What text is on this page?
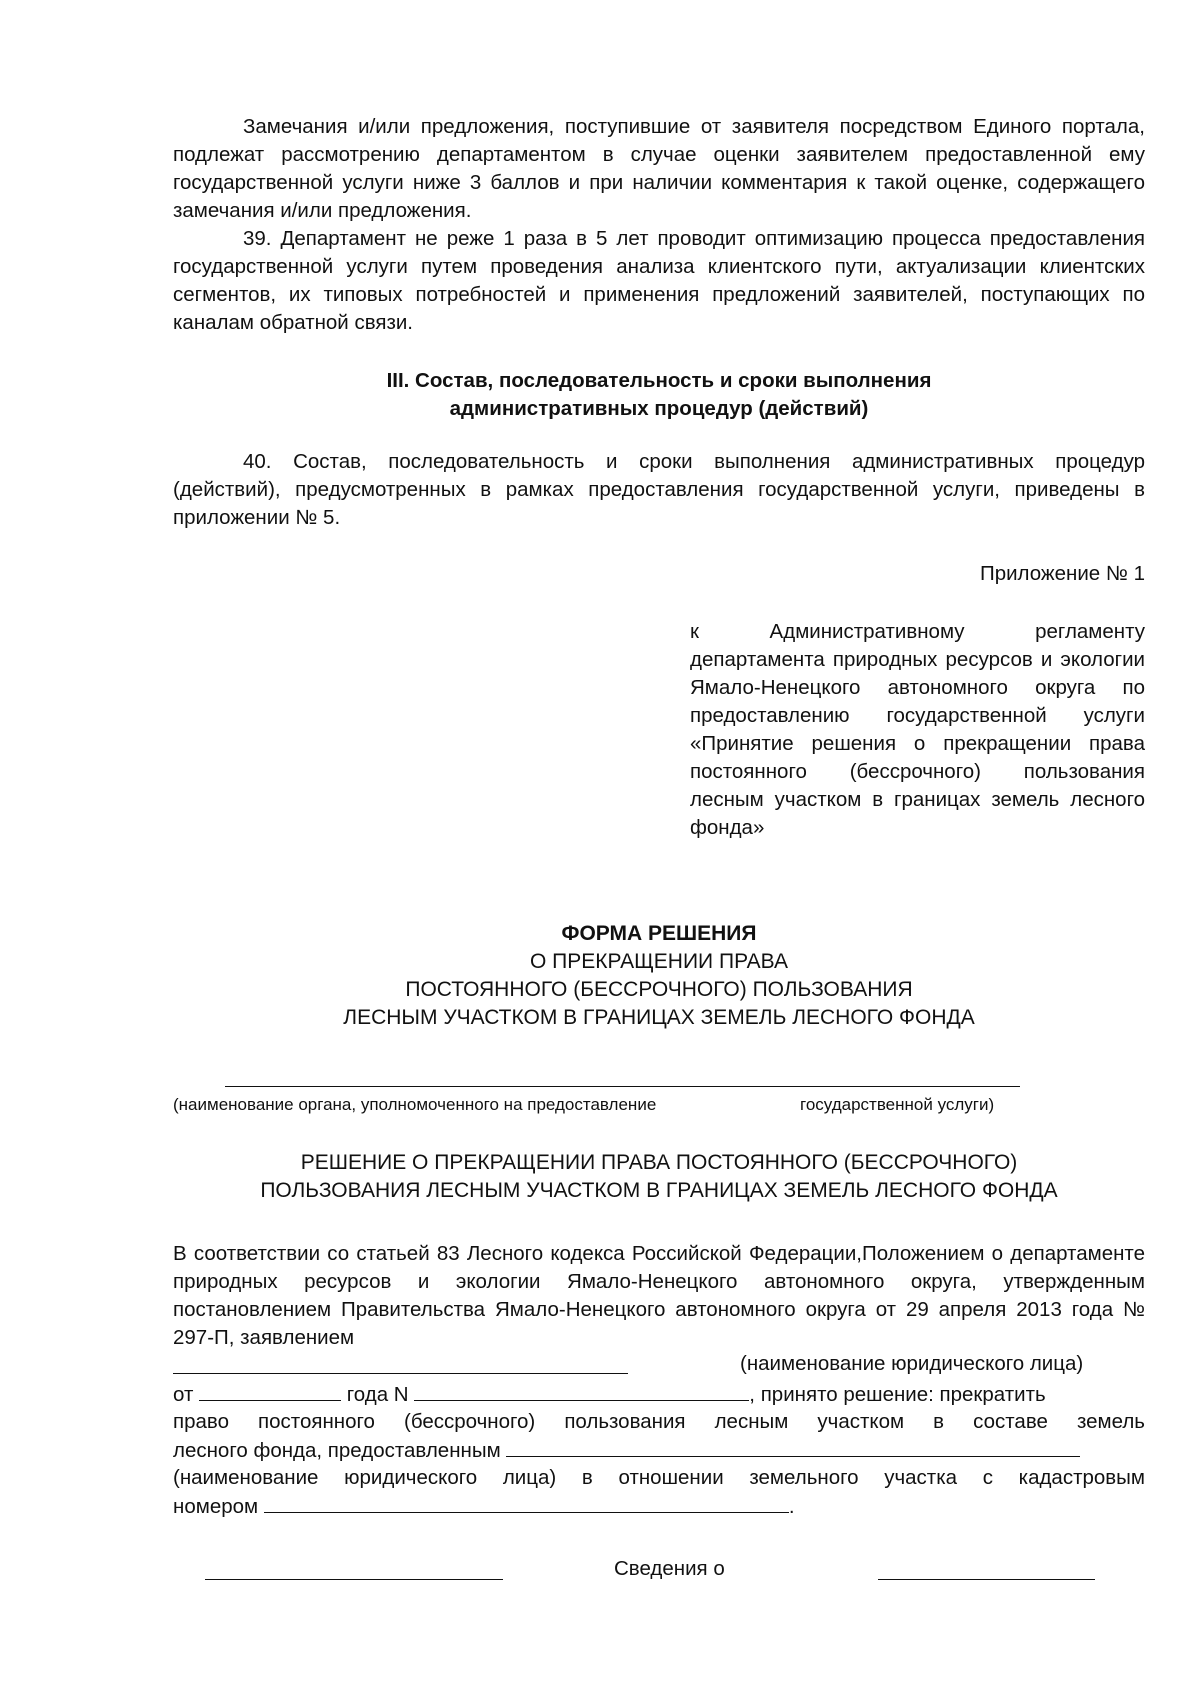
Замечания и/или предложения, поступившие от заявителя посредством Единого портала, подлежат рассмотрению департаментом в случае оценки заявителем предоставленной ему государственной услуги ниже 3 баллов и при наличии комментария к такой оценке, содержащего замечания и/или предложения.

39. Департамент не реже 1 раза в 5 лет проводит оптимизацию процесса предоставления государственной услуги путем проведения анализа клиентского пути, актуализации клиентских сегментов, их типовых потребностей и применения предложений заявителей, поступающих по каналам обратной связи.

III. Состав, последовательность и сроки выполнения

административных процедур (действий)

40. Состав, последовательность и сроки выполнения административных процедур (действий), предусмотренных в рамках предоставления государственной услуги, приведены в приложении № 5.

Приложение № 1

к Административному регламенту департамента природных ресурсов и экологии Ямало-Ненецкого автономного округа по предоставлению государственной услуги «Принятие решения о прекращении права постоянного (бессрочного) пользования лесным участком в границах земель лесного фонда»

ФОРМА РЕШЕНИЯ

О ПРЕКРАЩЕНИИ ПРАВА

ПОСТОЯННОГО (БЕССРОЧНОГО) ПОЛЬЗОВАНИЯ

ЛЕСНЫМ УЧАСТКОМ В ГРАНИЦАХ ЗЕМЕЛЬ ЛЕСНОГО ФОНДА

(наименование органа, уполномоченного на предоставление	государственной услуги)

РЕШЕНИЕ О ПРЕКРАЩЕНИИ ПРАВА ПОСТОЯННОГО (БЕССРОЧНОГО)

ПОЛЬЗОВАНИЯ ЛЕСНЫМ УЧАСТКОМ В ГРАНИЦАХ ЗЕМЕЛЬ ЛЕСНОГО ФОНДА

В соответствии со статьей 83 Лесного кодекса Российской Федерации,Положением о департаменте природных ресурсов и экологии Ямало-Ненецкого автономного округа, утвержденным постановлением Правительства Ямало-Ненецкого автономного округа от 29 апреля 2013 года № 297-П, заявлением

(наименование юридического лица)
от	года N	, принято решение: прекратить

право постоянного (бессрочного) пользования лесным участком в составе земель

лесного фонда, предоставленным

(наименование юридического лица) в отношении земельного участка с кадастровым

номером	.
Сведения о
